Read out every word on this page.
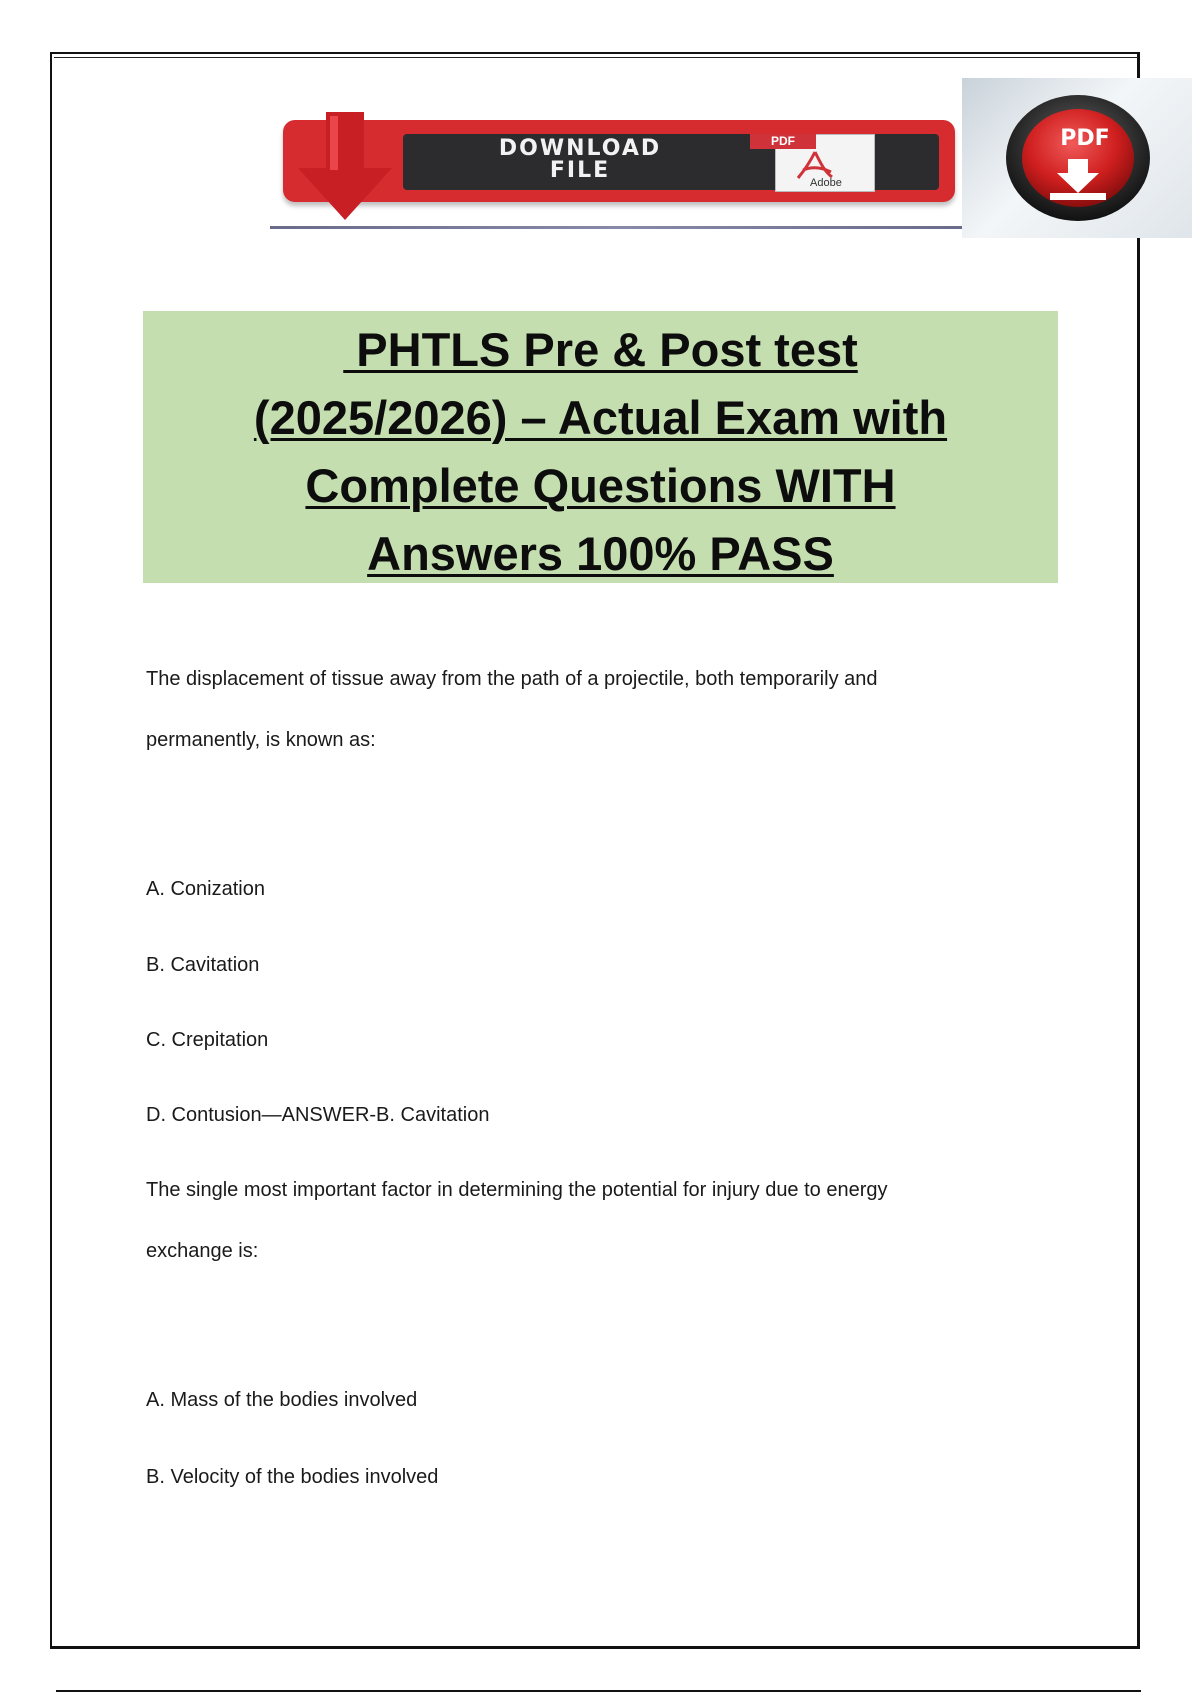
DOWNLOAD
FILE
PDF
Adobe
PDF
PHTLS Pre & Post test
(2025/2026) – Actual Exam with
Complete Questions WITH
Answers 100% PASS
The displacement of tissue away from the path of a projectile, both temporarily and
permanently, is known as:
A. Conization
B. Cavitation
C. Crepitation
D. Contusion—ANSWER-B. Cavitation
The single most important factor in determining the potential for injury due to energy
exchange is:
A. Mass of the bodies involved
B. Velocity of the bodies involved
